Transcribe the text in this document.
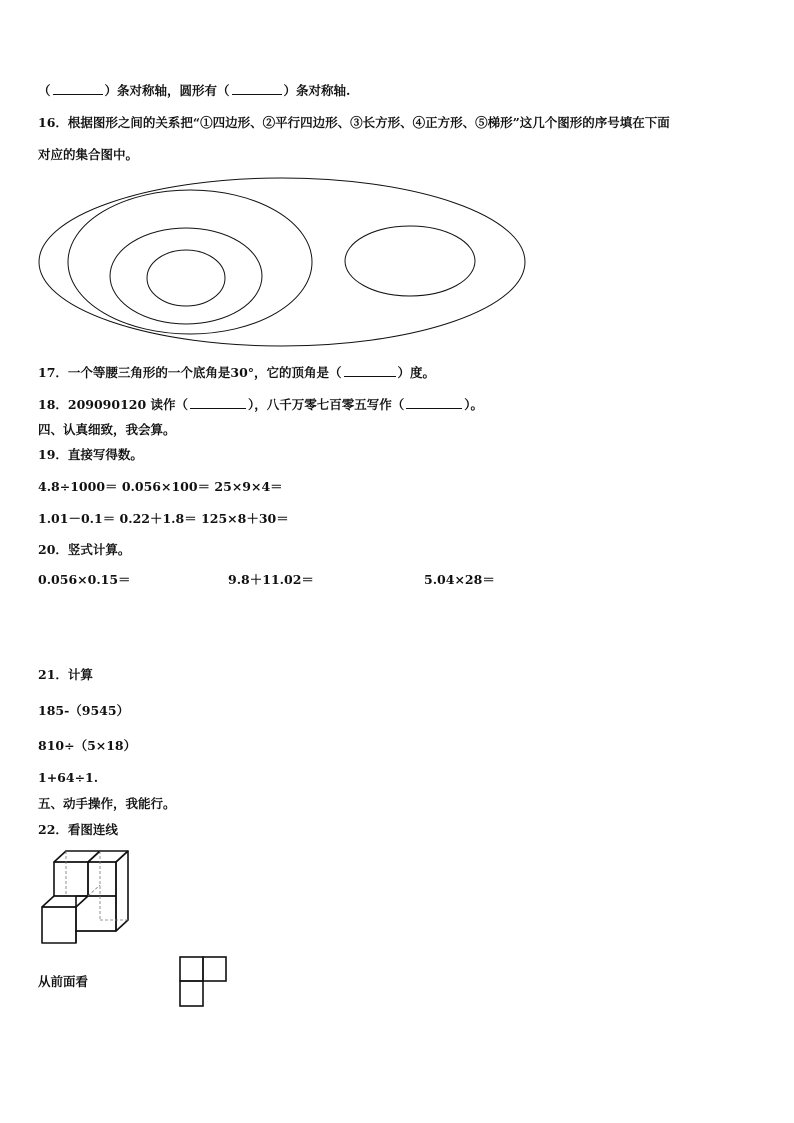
（	）条对称轴，圆形有（	）条对称轴.
16．根据图形之间的关系把“①四边形、②平行四边形、③长方形、④正方形、⑤梯形”这几个图形的序号填在下面
对应的集合图中。
17．一个等腰三角形的一个底角是30°，它的顶角是（	）度。
18．209090120 读作（	），八千万零七百零五写作（	）。
四、认真细致，我会算。
19．直接写得数。
4.8÷1000＝ 0.056×100＝ 25×9×4＝
1.01－0.1＝ 0.22＋1.8＝ 125×8＋30＝
20．竖式计算。
0.056×0.15＝	9.8＋11.02＝	5.04×28＝
21．计算
185-（9545）
810÷（5×18）
1+64÷1.
五、动手操作，我能行。
22．看图连线
从前面看
